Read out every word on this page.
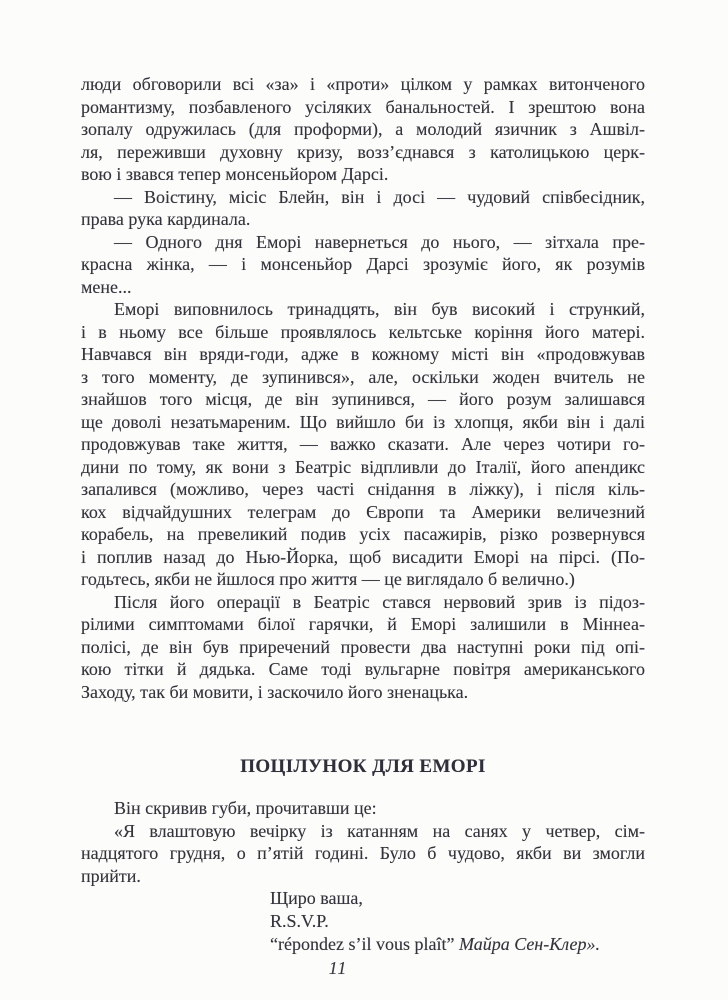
люди обговорили всі «за» і «проти» цілком у рамках витонченого
романтизму, позбавленого усіляких банальностей. І зрештою вона
зопалу одружилась (для проформи), а молодий язичник з Ашвіл-
ля, переживши духовну кризу, возз’єднався з католицькою церк-
вою і звався тепер монсеньйором Дарсі.

— Воістину, місіс Блейн, він і досі — чудовий співбесідник,
права рука кардинала.

— Одного дня Еморі навернеться до нього, — зітхала пре-
красна жінка, — і монсеньйор Дарсі зрозуміє його, як розумів
мене...

Еморі виповнилось тринадцять, він був високий і стрункий,
і в ньому все більше проявлялось кельтське коріння його матері.
Навчався він вряди-годи, адже в кожному місті він «продовжував
з того моменту, де зупинився», але, оскільки жоден вчитель не
знайшов того місця, де він зупинився, — його розум залишався
ще доволі незатьмареним. Що вийшло би із хлопця, якби він і далі
продовжував таке життя, — важко сказати. Але через чотири го-
дини по тому, як вони з Беатріс відпливли до Італії, його апендикс
запалився (можливо, через часті снідання в ліжку), і після кіль-
кох відчайдушних телеграм до Європи та Америки величезний
корабель, на превеликий подив усіх пасажирів, різко розвернувся
і поплив назад до Нью-Йорка, щоб висадити Еморі на пірсі. (По-
годьтесь, якби не йшлося про життя — це виглядало б велично.)

Після його операції в Беатріс стався нервовий зрив із підоз-
рілими симптомами білої гарячки, й Еморі залишили в Міннеа-
полісі, де він був приречений провести два наступні роки під опі-
кою тітки й дядька. Саме тоді вульгарне повітря американського
Заходу, так би мовити, і заскочило його зненацька.

ПОЦІЛУНОК ДЛЯ ЕМОРІ

Він скривив губи, прочитавши це:

«Я влаштовую вечірку із катанням на санях у четвер, сім-
надцятого грудня, о п’ятій годині. Було б чудово, якби ви змогли
прийти.

Щиро ваша,
R.S.V.P.
“répondez s’il vous plaît” Майра Сен-Клер».
11
